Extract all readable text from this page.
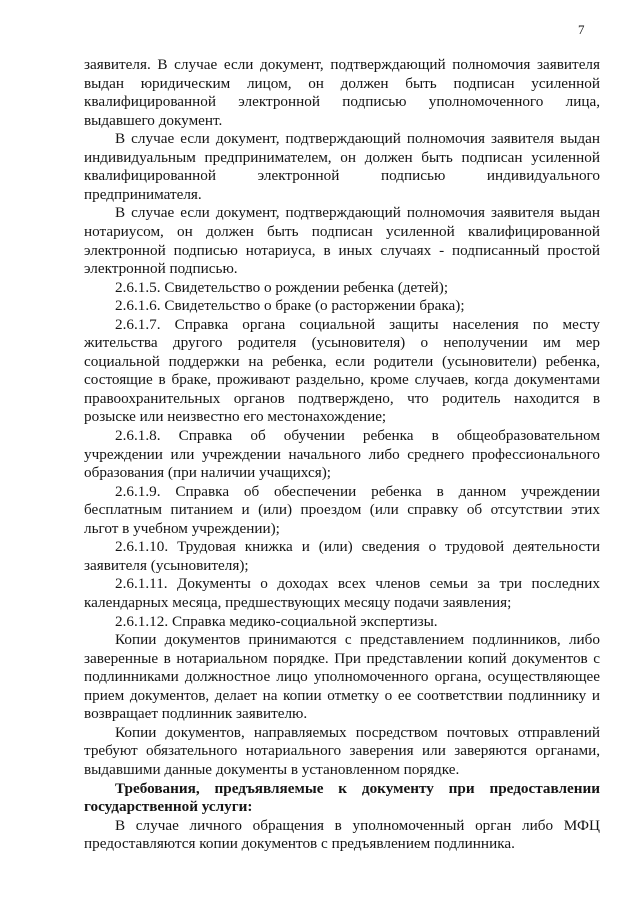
7
заявителя. В случае если документ, подтверждающий полномочия заявителя
выдан юридическим лицом, он должен быть подписан усиленной
квалифицированной электронной подписью уполномоченного лица,
выдавшего документ.
В случае если документ, подтверждающий полномочия заявителя выдан
индивидуальным предпринимателем, он должен быть подписан усиленной
квалифицированной электронной подписью индивидуального
предпринимателя.
В случае если документ, подтверждающий полномочия заявителя выдан
нотариусом, он должен быть подписан усиленной квалифицированной
электронной подписью нотариуса, в иных случаях - подписанный простой
электронной подписью.
2.6.1.5. Свидетельство о рождении ребенка (детей);
2.6.1.6. Свидетельство о браке (о расторжении брака);
2.6.1.7. Справка органа социальной защиты населения по месту
жительства другого родителя (усыновителя) о неполучении им мер
социальной поддержки на ребенка, если родители (усыновители) ребенка,
состоящие в браке, проживают раздельно, кроме случаев, когда документами
правоохранительных органов подтверждено, что родитель находится в
розыске или неизвестно его местонахождение;
2.6.1.8. Справка об обучении ребенка в общеобразовательном
учреждении или учреждении начального либо среднего профессионального
образования (при наличии учащихся);
2.6.1.9. Справка об обеспечении ребенка в данном учреждении
бесплатным питанием и (или) проездом (или справку об отсутствии этих
льгот в учебном учреждении);
2.6.1.10. Трудовая книжка и (или) сведения о трудовой деятельности
заявителя (усыновителя);
2.6.1.11. Документы о доходах всех членов семьи за три последних
календарных месяца, предшествующих месяцу подачи заявления;
2.6.1.12. Справка медико-социальной экспертизы.
Копии документов принимаются с представлением подлинников, либо
заверенные в нотариальном порядке. При представлении копий документов с
подлинниками должностное лицо уполномоченного органа, осуществляющее
прием документов, делает на копии отметку о ее соответствии подлиннику и
возвращает подлинник заявителю.
Копии документов, направляемых посредством почтовых отправлений
требуют обязательного нотариального заверения или заверяются органами,
выдавшими данные документы в установленном порядке.
Требования, предъявляемые к документу при предоставлении
государственной услуги:
В случае личного обращения в уполномоченный орган либо МФЦ
предоставляются копии документов с предъявлением подлинника.
